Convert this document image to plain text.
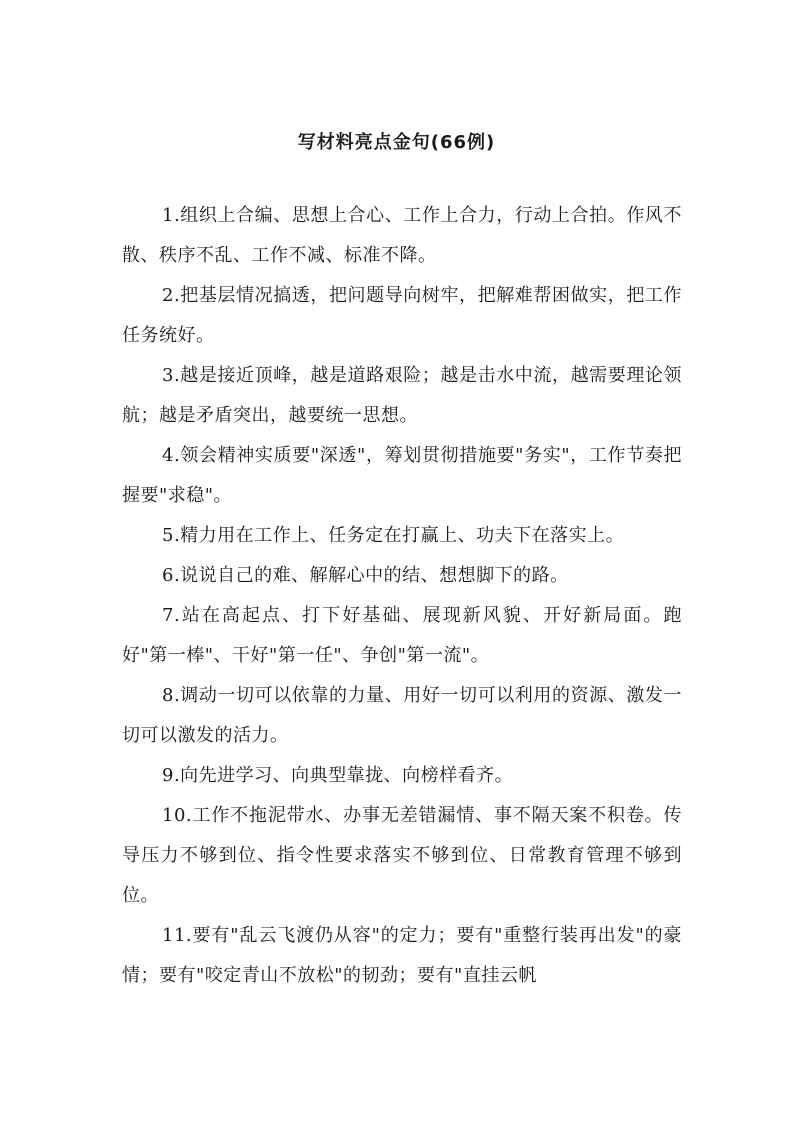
写材料亮点金句(66例)

1.组织上合编、思想上合心、工作上合力，行动上合拍。作风不散、秩序不乱、工作不减、标准不降。

2.把基层情况搞透，把问题导向树牢，把解难帮困做实，把工作任务统好。

3.越是接近顶峰，越是道路艰险；越是击水中流，越需要理论领航；越是矛盾突出，越要统一思想。

4.领会精神实质要"深透"，筹划贯彻措施要"务实"，工作节奏把握要"求稳"。

5.精力用在工作上、任务定在打赢上、功夫下在落实上。

6.说说自己的难、解解心中的结、想想脚下的路。

7.站在高起点、打下好基础、展现新风貌、开好新局面。跑好"第一棒"、干好"第一任"、争创"第一流"。

8.调动一切可以依靠的力量、用好一切可以利用的资源、激发一切可以激发的活力。

9.向先进学习、向典型靠拢、向榜样看齐。

10.工作不拖泥带水、办事无差错漏情、事不隔天案不积卷。传导压力不够到位、指令性要求落实不够到位、日常教育管理不够到位。

11.要有"乱云飞渡仍从容"的定力；要有"重整行装再出发"的豪情；要有"咬定青山不放松"的韧劲；要有"直挂云帆
